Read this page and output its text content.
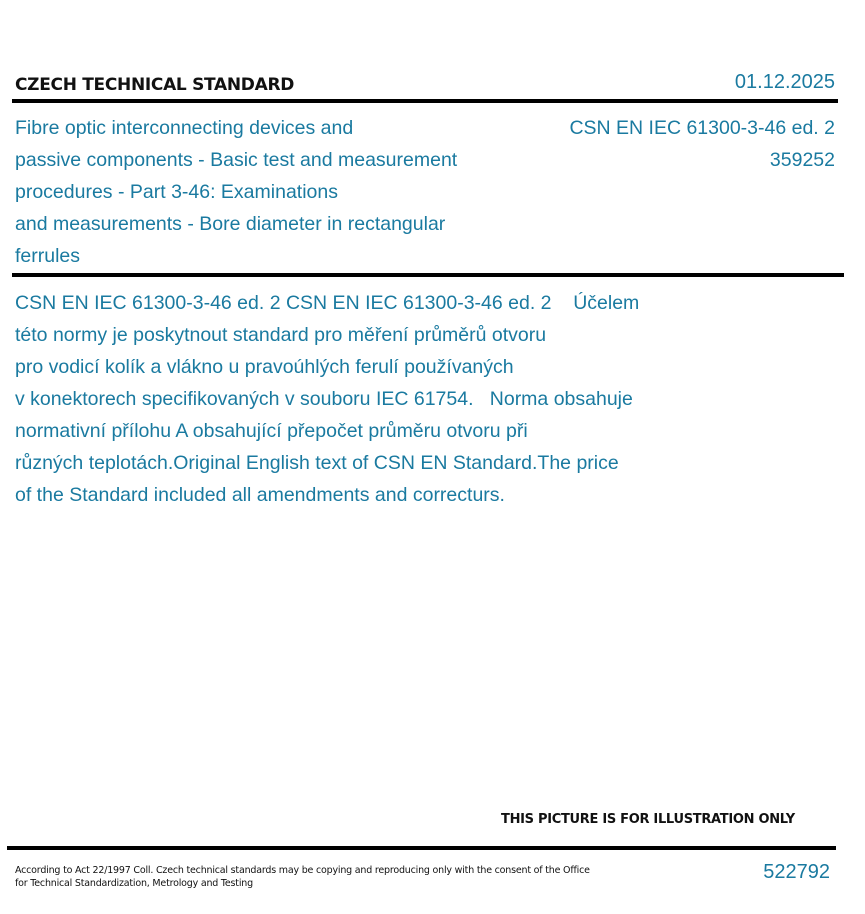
CZECH TECHNICAL STANDARD	01.12.2025
Fibre optic interconnecting devices and
passive components - Basic test and measurement
procedures - Part 3-46: Examinations
and measurements - Bore diameter in rectangular
ferrules
CSN EN IEC 61300-3-46 ed. 2
359252
CSN EN IEC 61300-3-46 ed. 2 CSN EN IEC 61300-3-46 ed. 2    Účelem
této normy je poskytnout standard pro měření průměrů otvoru
pro vodicí kolík a vlákno u pravoúhlých ferulí používaných
v konektorech specifikovaných v souboru IEC 61754.   Norma obsahuje
normativní přílohu A obsahující přepočet průměru otvoru při
různých teplotách.Original English text of CSN EN Standard.The price
of the Standard included all amendments and correcturs.
THIS PICTURE IS FOR ILLUSTRATION ONLY
According to Act 22/1997 Coll. Czech technical standards may be copying and reproducing only with the consent of the Office
for Technical Standardization, Metrology and Testing
522792
